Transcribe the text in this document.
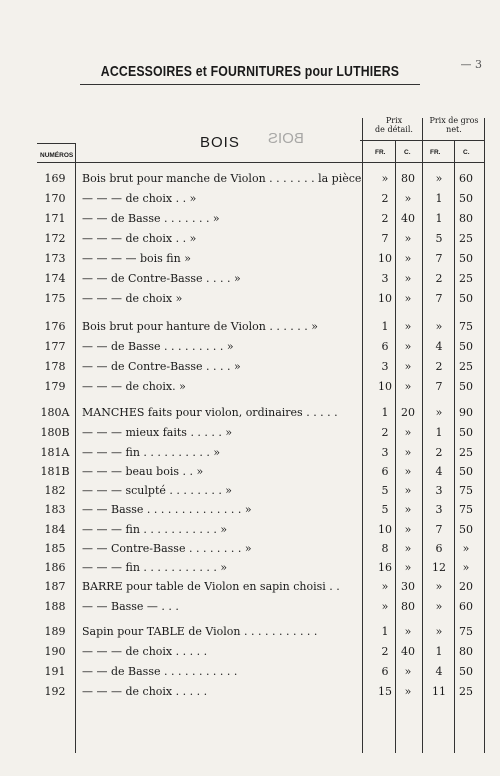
ACCESSOIRES et FOURNITURES pour LUTHIERS	— 3
Prix
de détail.
Prix de gros
net.
BOIS BOIS
NUMÉROS	FR.	C.	FR.	C.
169	Bois brut pour manche de Violon . . . . . . . la pièce	»	80	»	60
170	— — — de choix . . »	2	»	1	50
171	— — de Basse . . . . . . . »	2	40	1	80
172	— — — de choix . . »	7	»	5	25
173	— — — — bois fin »	10	»	7	50
174	— — de Contre-Basse . . . . »	3	»	2	25
175	— — — de choix »	10	»	7	50
176	Bois brut pour hanture de Violon . . . . . . »	1	»	»	75
177	— — de Basse . . . . . . . . . »	6	»	4	50
178	— — de Contre-Basse . . . . »	3	»	2	25
179	— — — de choix. »	10	»	7	50
180A	MANCHES faits pour violon, ordinaires . . . . .	1	20	»	90
180B	— — — mieux faits . . . . . »	2	»	1	50
181A	— — — fin . . . . . . . . . . »	3	»	2	25
181B	— — — beau bois . . »	6	»	4	50
182	— — — sculpté . . . . . . . . »	5	»	3	75
183	— — Basse . . . . . . . . . . . . . . »	5	»	3	75
184	— — — fin . . . . . . . . . . . »	10	»	7	50
185	— — Contre-Basse . . . . . . . . »	8	»	6	»
186	— — — fin . . . . . . . . . . . »	16	»	12	»
187	BARRE pour table de Violon en sapin choisi . .	»	30	»	20
188	— — Basse — . . .	»	80	»	60
189	Sapin pour TABLE de Violon . . . . . . . . . . .	1	»	»	75
190	— — — de choix . . . . .	2	40	1	80
191	— — de Basse . . . . . . . . . . .	6	»	4	50
192	— — — de choix . . . . .	15	»	11	25
